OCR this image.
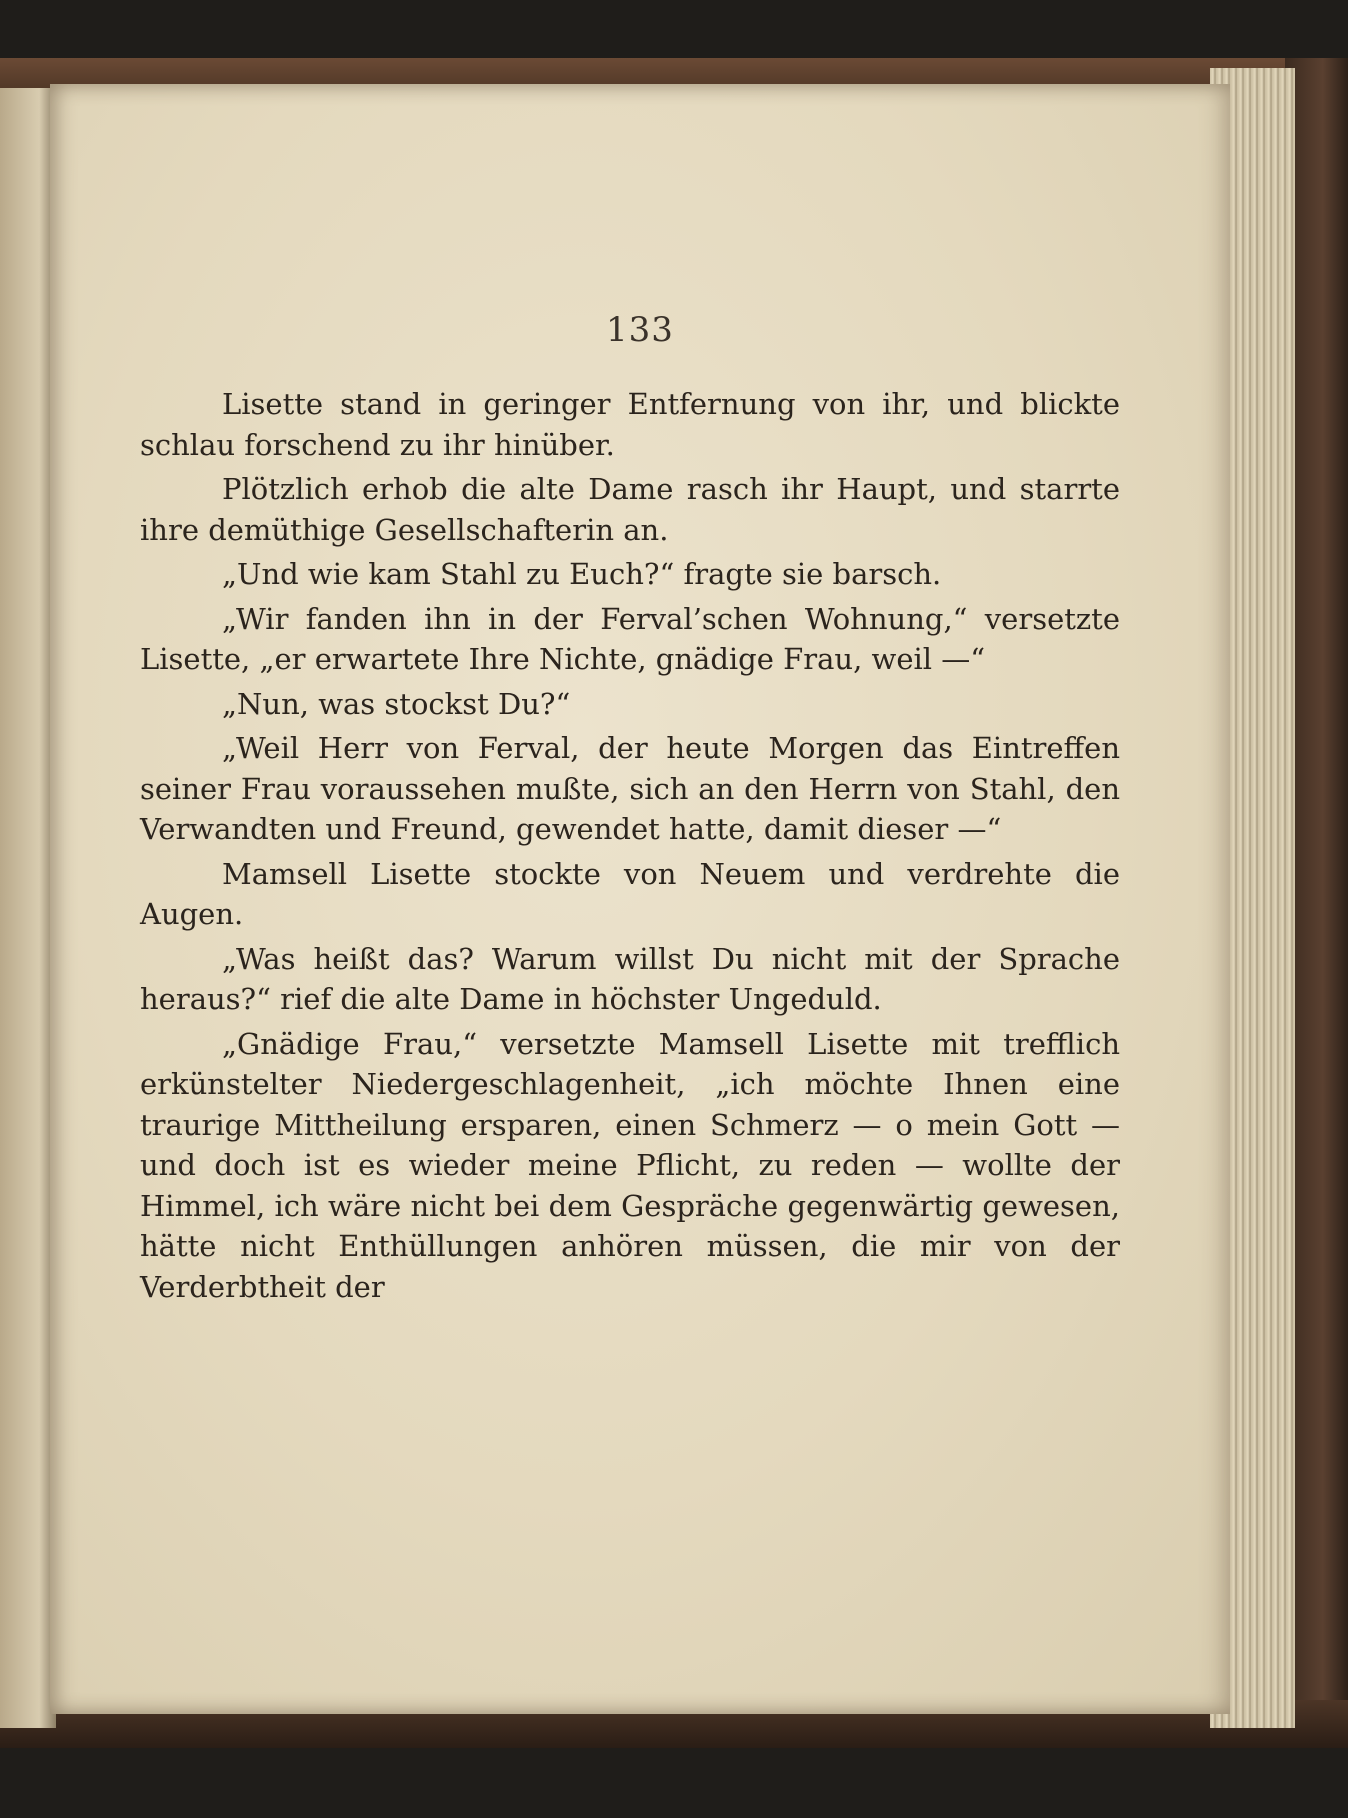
133

Lisette stand in geringer Entfernung von ihr, und blickte schlau forschend zu ihr hinüber.

Plötzlich erhob die alte Dame rasch ihr Haupt, und starrte ihre demüthige Gesellschafterin an.

„Und wie kam Stahl zu Euch?“ fragte sie barsch.

„Wir fanden ihn in der Ferval’schen Wohnung,“ versetzte Lisette, „er erwartete Ihre Nichte, gnädige Frau, weil —“

„Nun, was stockst Du?“

„Weil Herr von Ferval, der heute Morgen das Eintreffen seiner Frau voraussehen mußte, sich an den Herrn von Stahl, den Verwandten und Freund, gewendet hatte, damit dieser —“

Mamsell Lisette stockte von Neuem und verdrehte die Augen.

„Was heißt das? Warum willst Du nicht mit der Sprache heraus?“ rief die alte Dame in höchster Ungeduld.

„Gnädige Frau,“ versetzte Mamsell Lisette mit trefflich erkünstelter Niedergeschlagenheit, „ich möchte Ihnen eine traurige Mittheilung ersparen, einen Schmerz — o mein Gott — und doch ist es wieder meine Pflicht, zu reden — wollte der Himmel, ich wäre nicht bei dem Gespräche gegenwärtig gewesen, hätte nicht Enthüllungen anhören müssen, die mir von der Verderbtheit der
